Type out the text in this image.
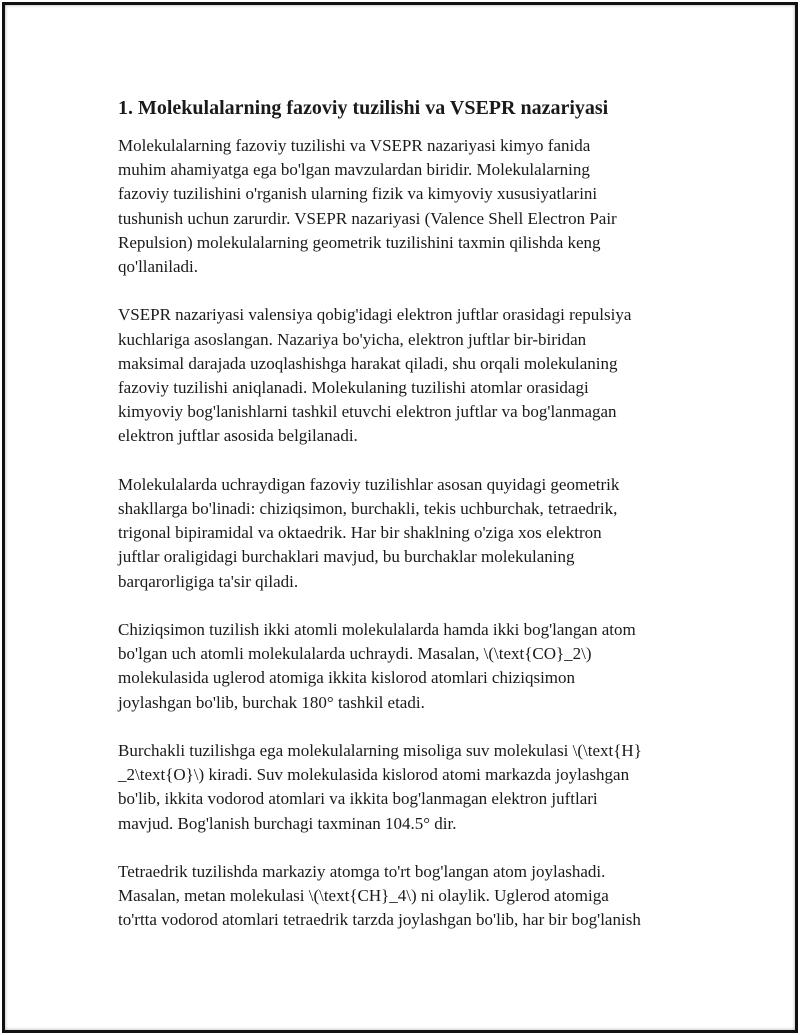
1. Molekulalarning fazoviy tuzilishi va VSEPR nazariyasi

Molekulalarning fazoviy tuzilishi va VSEPR nazariyasi kimyo fanida
muhim ahamiyatga ega bo'lgan mavzulardan biridir. Molekulalarning
fazoviy tuzilishini o'rganish ularning fizik va kimyoviy xususiyatlarini
tushunish uchun zarurdir. VSEPR nazariyasi (Valence Shell Electron Pair
Repulsion) molekulalarning geometrik tuzilishini taxmin qilishda keng
qo'llaniladi.

VSEPR nazariyasi valensiya qobig'idagi elektron juftlar orasidagi repulsiya
kuchlariga asoslangan. Nazariya bo'yicha, elektron juftlar bir-biridan
maksimal darajada uzoqlashishga harakat qiladi, shu orqali molekulaning
fazoviy tuzilishi aniqlanadi. Molekulaning tuzilishi atomlar orasidagi
kimyoviy bog'lanishlarni tashkil etuvchi elektron juftlar va bog'lanmagan
elektron juftlar asosida belgilanadi.

Molekulalarda uchraydigan fazoviy tuzilishlar asosan quyidagi geometrik
shakllarga bo'linadi: chiziqsimon, burchakli, tekis uchburchak, tetraedrik,
trigonal bipiramidal va oktaedrik. Har bir shaklning o'ziga xos elektron
juftlar oraligidagi burchaklari mavjud, bu burchaklar molekulaning
barqarorligiga ta'sir qiladi.

Chiziqsimon tuzilish ikki atomli molekulalarda hamda ikki bog'langan atom
bo'lgan uch atomli molekulalarda uchraydi. Masalan, \(\text{CO}_2\)
molekulasida uglerod atomiga ikkita kislorod atomlari chiziqsimon
joylashgan bo'lib, burchak 180° tashkil etadi.

Burchakli tuzilishga ega molekulalarning misoliga suv molekulasi \(\text{H}
_2\text{O}\) kiradi. Suv molekulasida kislorod atomi markazda joylashgan
bo'lib, ikkita vodorod atomlari va ikkita bog'lanmagan elektron juftlari
mavjud. Bog'lanish burchagi taxminan 104.5° dir.

Tetraedrik tuzilishda markaziy atomga to'rt bog'langan atom joylashadi.
Masalan, metan molekulasi \(\text{CH}_4\) ni olaylik. Uglerod atomiga
to'rtta vodorod atomlari tetraedrik tarzda joylashgan bo'lib, har bir bog'lanish
